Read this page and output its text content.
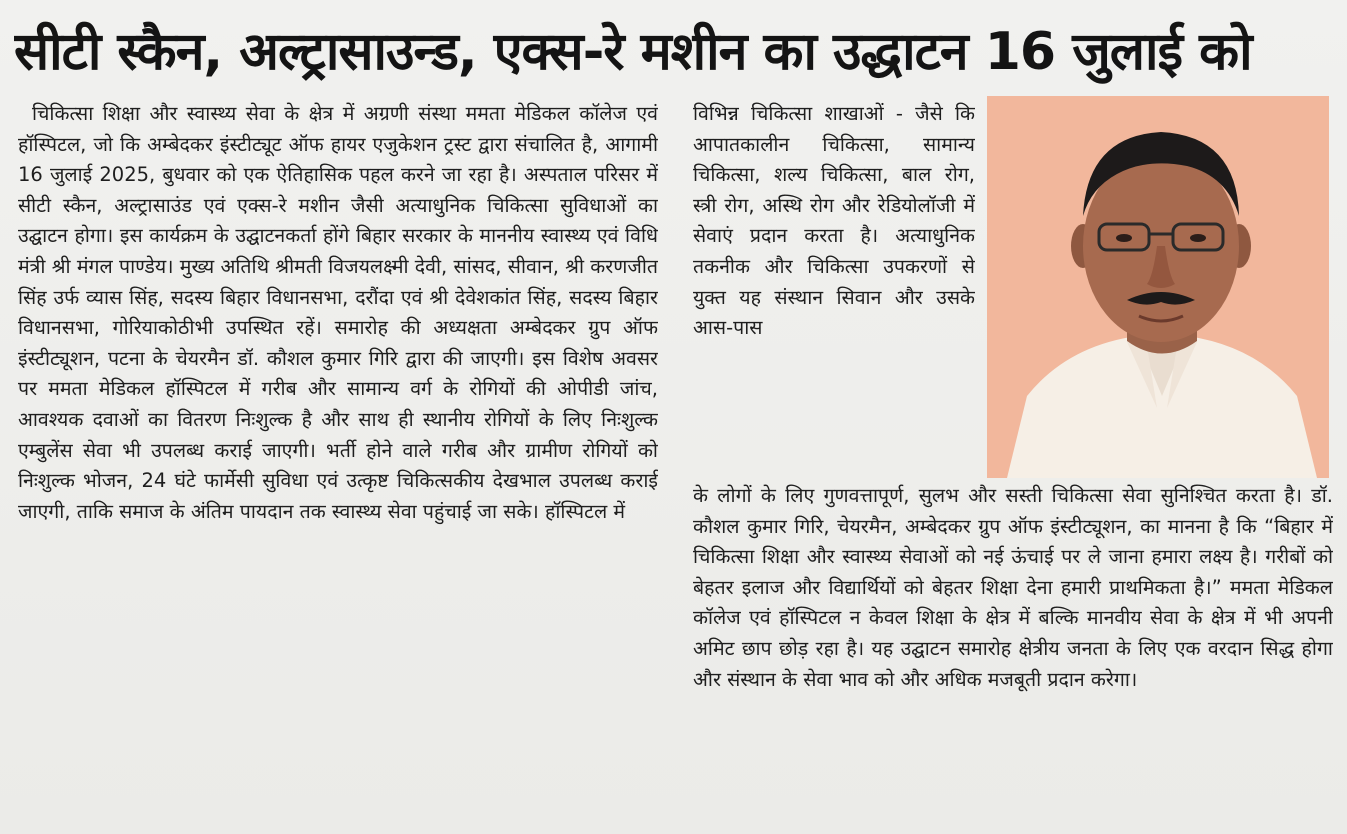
सीटी स्कैन, अल्ट्रासाउन्ड, एक्स-रे मशीन का उद्धाटन 16 जुलाई को
चिकित्सा शिक्षा और स्वास्थ्य सेवा के क्षेत्र में अग्रणी संस्था ममता मेडिकल कॉलेज एवं हॉस्पिटल, जो कि अम्बेदकर इंस्टीट्यूट ऑफ हायर एजुकेशन ट्रस्ट द्वारा संचालित है, आगामी 16 जुलाई 2025, बुधवार को एक ऐतिहासिक पहल करने जा रहा है। अस्पताल परिसर में सीटी स्कैन, अल्ट्रासाउंड एवं एक्स-रे मशीन जैसी अत्याधुनिक चिकित्सा सुविधाओं का उद्घाटन होगा। इस कार्यक्रम के उद्घाटनकर्ता होंगे बिहार सरकार के माननीय स्वास्थ्य एवं विधि मंत्री श्री मंगल पाण्डेय। मुख्य अतिथि श्रीमती विजयलक्ष्मी देवी, सांसद, सीवान, श्री करणजीत सिंह उर्फ व्यास सिंह, सदस्य बिहार विधानसभा, दरौंदा एवं श्री देवेशकांत सिंह, सदस्य बिहार विधानसभा, गोरियाकोठीभी उपस्थित रहें। समारोह की अध्यक्षता अम्बेदकर ग्रुप ऑफ इंस्टीट्यूशन, पटना के चेयरमैन डॉ. कौशल कुमार गिरि द्वारा की जाएगी। इस विशेष अवसर पर ममता मेडिकल हॉस्पिटल में गरीब और सामान्य वर्ग के रोगियों की ओपीडी जांच, आवश्यक दवाओं का वितरण निःशुल्क है और साथ ही स्थानीय रोगियों के लिए निःशुल्क एम्बुलेंस सेवा भी उपलब्ध कराई जाएगी। भर्ती होने वाले गरीब और ग्रामीण रोगियों को निःशुल्क भोजन, 24 घंटे फार्मेसी सुविधा एवं उत्कृष्ट चिकित्सकीय देखभाल उपलब्ध कराई जाएगी, ताकि समाज के अंतिम पायदान तक स्वास्थ्य सेवा पहुंचाई जा सके। हॉस्पिटल में
विभिन्न चिकित्सा शाखाओं - जैसे कि आपातकालीन चिकित्सा, सामान्य चिकित्सा, शल्य चिकित्सा, बाल रोग, स्त्री रोग, अस्थि रोग और रेडियोलॉजी में सेवाएं प्रदान करता है। अत्याधुनिक तकनीक और चिकित्सा उपकरणों से युक्त यह संस्थान सिवान और उसके आस-पास
के लोगों के लिए गुणवत्तापूर्ण, सुलभ और सस्ती चिकित्सा सेवा सुनिश्चित करता है। डॉ. कौशल कुमार गिरि, चेयरमैन, अम्बेदकर ग्रुप ऑफ इंस्टीट्यूशन, का मानना है कि “बिहार में चिकित्सा शिक्षा और स्वास्थ्य सेवाओं को नई ऊंचाई पर ले जाना हमारा लक्ष्य है। गरीबों को बेहतर इलाज और विद्यार्थियों को बेहतर शिक्षा देना हमारी प्राथमिकता है।” ममता मेडिकल कॉलेज एवं हॉस्पिटल न केवल शिक्षा के क्षेत्र में बल्कि मानवीय सेवा के क्षेत्र में भी अपनी अमिट छाप छोड़ रहा है। यह उद्घाटन समारोह क्षेत्रीय जनता के लिए एक वरदान सिद्ध होगा और संस्थान के सेवा भाव को और अधिक मजबूती प्रदान करेगा।
